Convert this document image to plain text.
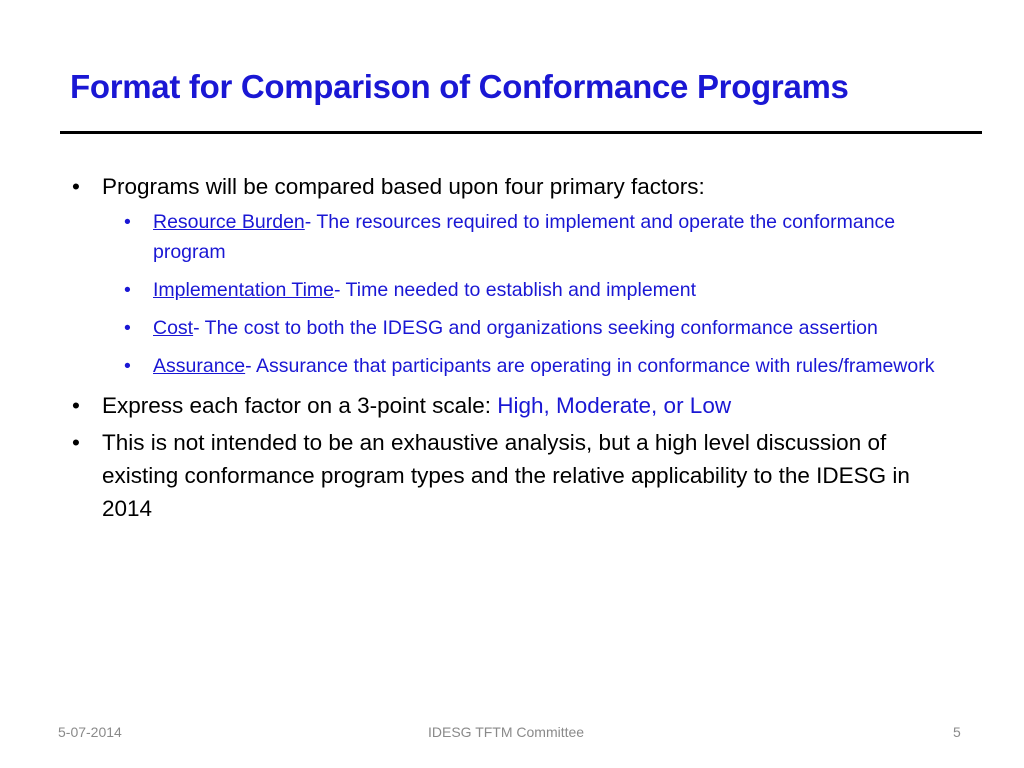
Format for Comparison of Conformance Programs
• Programs will be compared based upon four primary factors:
• Resource Burden- The resources required to implement and operate the conformance program
• Implementation Time- Time needed to establish and implement
• Cost- The cost to both the IDESG and organizations seeking conformance assertion
• Assurance- Assurance that participants are operating in conformance with rules/framework
• Express each factor on a 3-point scale: High, Moderate, or Low
• This is not intended to be an exhaustive analysis, but a high level discussion of existing conformance program types and the relative applicability to the IDESG in 2014
5-07-2014	IDESG TFTM Committee	5
